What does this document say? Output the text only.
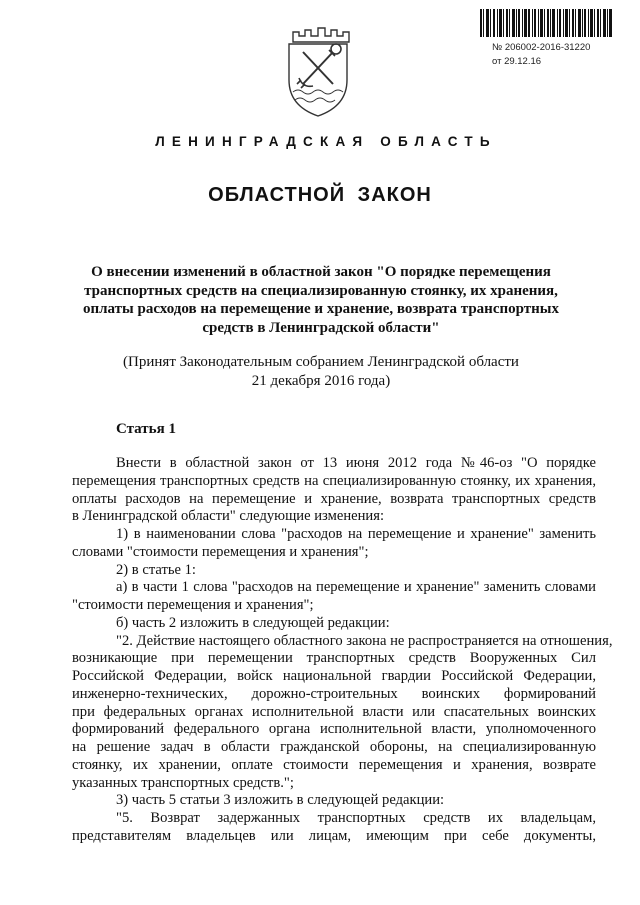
№ 206002-2016-31220
от 29.12.16
ЛЕНИНГРАДСКАЯ ОБЛАСТЬ
ОБЛАСТНОЙ ЗАКОН
О внесении изменений в областной закон "О порядке перемещения
транспортных средств на специализированную стоянку, их хранения,
оплаты расходов на перемещение и хранение, возврата транспортных
средств в Ленинградской области"
(Принят Законодательным собранием Ленинградской области
21 декабря 2016 года)
Статья 1
Внести в областной закон от 13 июня 2012 года №46-оз "О порядке
перемещения транспортных средств на специализированную стоянку, их хранения,
оплаты расходов на перемещение и хранение, возврата транспортных средств
в Ленинградской области" следующие изменения:
1) в наименовании слова "расходов на перемещение и хранение" заменить
словами "стоимости перемещения и хранения";
2) в статье 1:
а) в части 1 слова "расходов на перемещение и хранение" заменить словами
"стоимости перемещения и хранения";
б) часть 2 изложить в следующей редакции:
"2. Действие настоящего областного закона не распространяется на отношения,
возникающие при перемещении транспортных средств Вооруженных Сил
Российской Федерации, войск национальной гвардии Российской Федерации,
инженерно-технических, дорожно-строительных воинских формирований
при федеральных органах исполнительной власти или спасательных воинских
формирований федерального органа исполнительной власти, уполномоченного
на решение задач в области гражданской обороны, на специализированную
стоянку, их хранении, оплате стоимости перемещения и хранения, возврате
указанных транспортных средств.";
3) часть 5 статьи 3 изложить в следующей редакции:
"5. Возврат задержанных транспортных средств их владельцам,
представителям владельцев или лицам, имеющим при себе документы,
